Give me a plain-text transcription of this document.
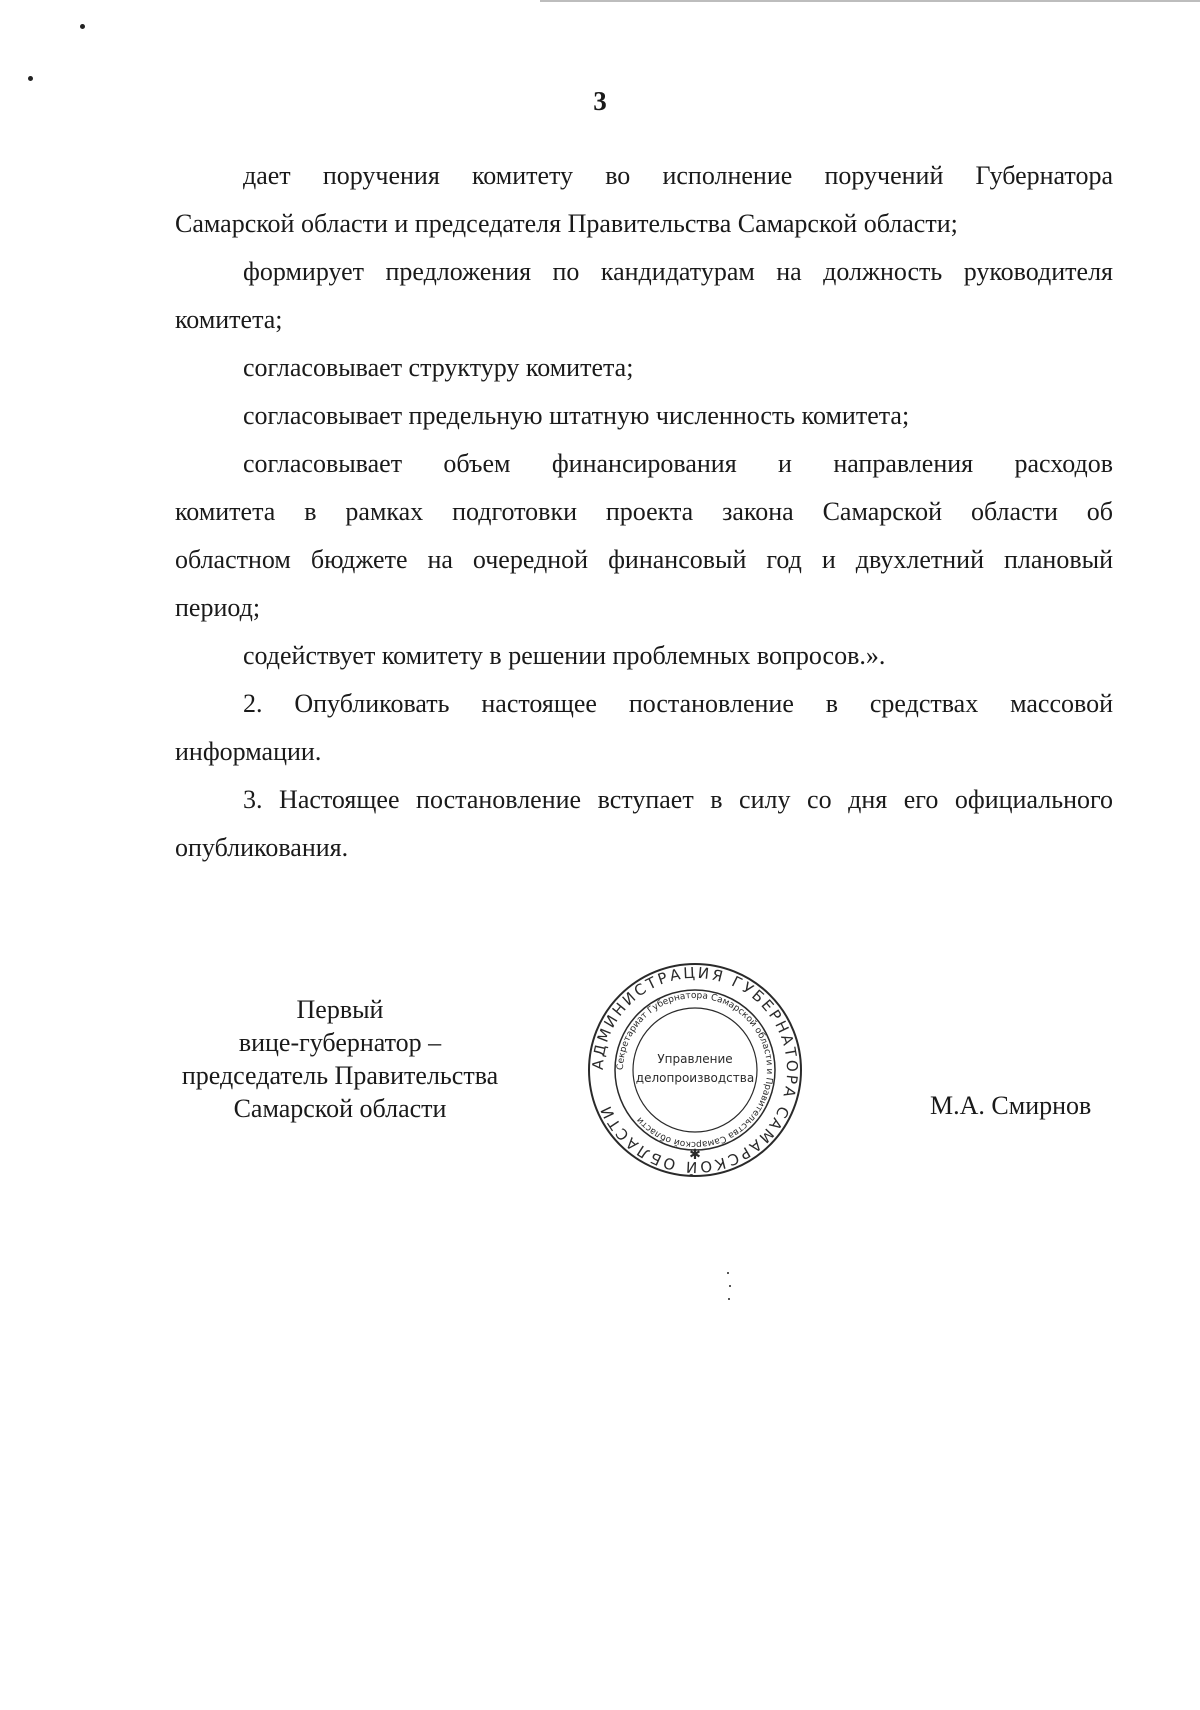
3
дает поручения комитету во исполнение поручений Губернатора
Самарской области и председателя Правительства Самарской области;
формирует предложения по кандидатурам на должность руководителя
комитета;
согласовывает структуру комитета;
согласовывает предельную штатную численность комитета;
согласовывает объем финансирования и направления расходов
комитета в рамках подготовки проекта закона Самарской области об
областном бюджете на очередной финансовый год и двухлетний плановый
период;
содействует комитету в решении проблемных вопросов.».
2. Опубликовать настоящее постановление в средствах массовой
информации.
3. Настоящее постановление вступает в силу со дня его официального
опубликования.
Первый
вице-губернатор –
председатель Правительства
Самарской области
АДМИНИСТРАЦИЯ ГУБЕРНАТОРА САМАРСКОЙ ОБЛАСТИ
Секретариат Губернатора Самарской области и Правительства Самарской области
Управление
делопроизводства
✱
М.А. Смирнов
